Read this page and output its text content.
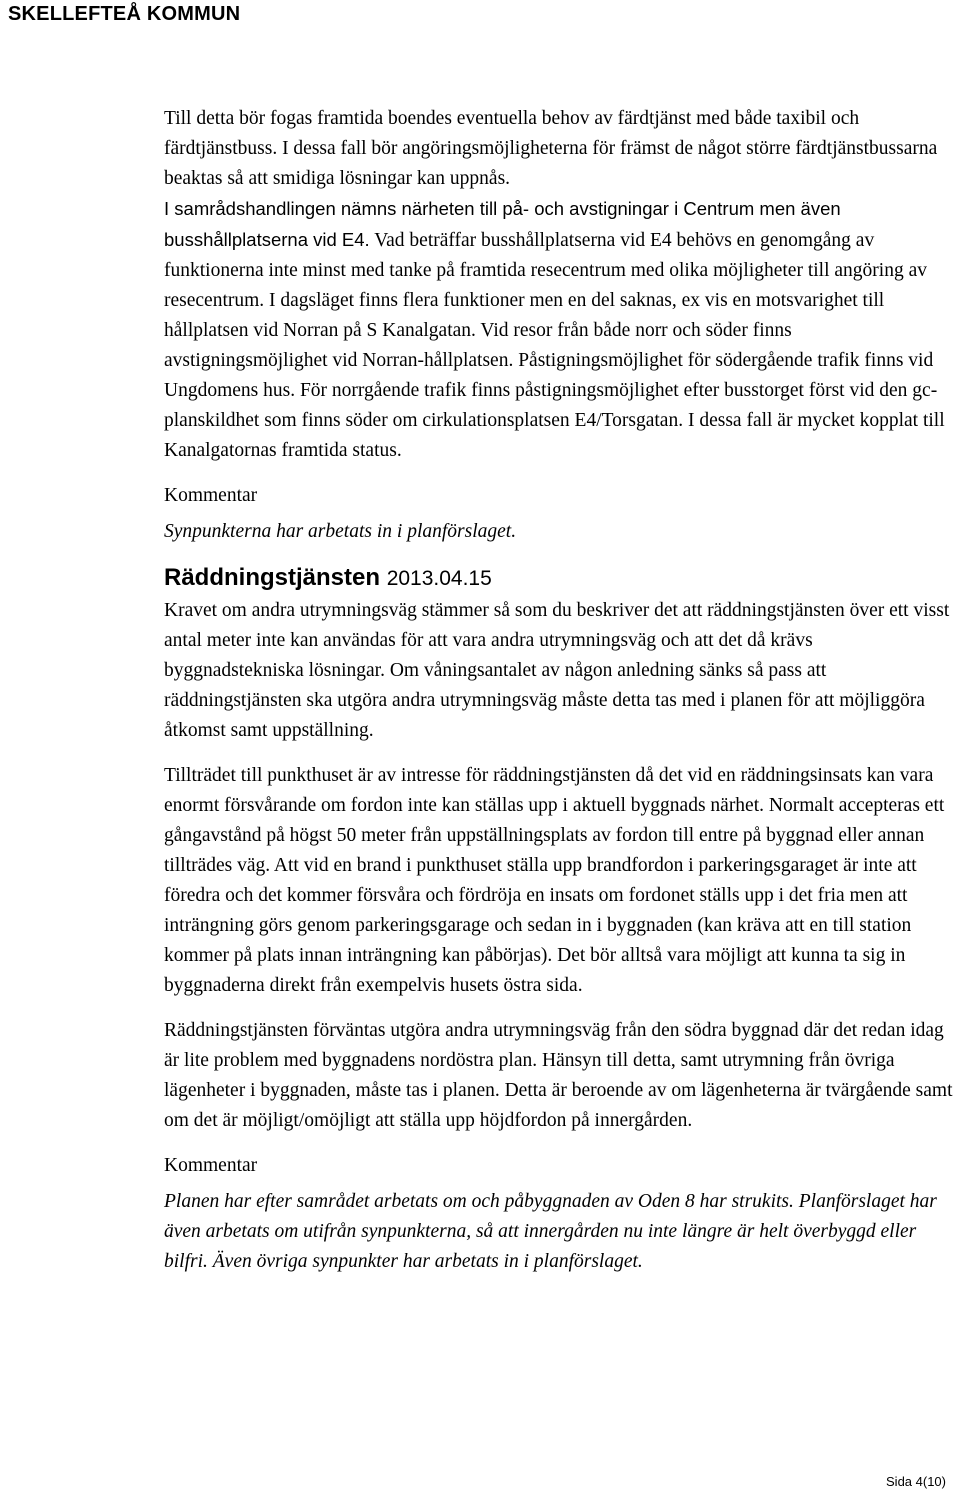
SKELLEFTEÅ KOMMUN

Till detta bör fogas framtida boendes eventuella behov av färdtjänst med både taxibil och färdtjänstbuss. I dessa fall bör angöringsmöjligheterna för främst de något större färdtjänstbussarna beaktas så att smidiga lösningar kan uppnås.

I samrådshandlingen nämns närheten till på- och avstigningar i Centrum men även busshållplatserna vid E4. Vad beträffar busshållplatserna vid E4 behövs en genomgång av funktionerna inte minst med tanke på framtida resecentrum med olika möjligheter till angöring av resecentrum. I dagsläget finns flera funktioner men en del saknas, ex vis en motsvarighet till hållplatsen vid Norran på S Kanalgatan. Vid resor från både norr och söder finns avstigningsmöjlighet vid Norran-hållplatsen. Påstigningsmöjlighet för södergående trafik finns vid Ungdomens hus. För norrgående trafik finns påstigningsmöjlighet efter busstorget först vid den gc-planskildhet som finns söder om cirkulationsplatsen E4/Torsgatan. I dessa fall är mycket kopplat till Kanalgatornas framtida status.

Kommentar

Synpunkterna har arbetats in i planförslaget.

Räddningstjänsten 2013.04.15

Kravet om andra utrymningsväg stämmer så som du beskriver det att räddningstjänsten över ett visst antal meter inte kan användas för att vara andra utrymningsväg och att det då krävs byggnadstekniska lösningar. Om våningsantalet av någon anledning sänks så pass att räddningstjänsten ska utgöra andra utrymningsväg måste detta tas med i planen för att möjliggöra åtkomst samt uppställning.

Tillträdet till punkthuset är av intresse för räddningstjänsten då det vid en räddningsinsats kan vara enormt försvårande om fordon inte kan ställas upp i aktuell byggnads närhet. Normalt accepteras ett gångavstånd på högst 50 meter från uppställningsplats av fordon till entre på byggnad eller annan tillträdes väg. Att vid en brand i punkthuset ställa upp brandfordon i parkeringsgaraget är inte att föredra och det kommer försvåra och fördröja en insats om fordonet ställs upp i det fria men att inträngning görs genom parkeringsgarage och sedan in i byggnaden (kan kräva att en till station kommer på plats innan inträngning kan påbörjas). Det bör alltså vara möjligt att kunna ta sig in byggnaderna direkt från exempelvis husets östra sida.

Räddningstjänsten förväntas utgöra andra utrymningsväg från den södra byggnad där det redan idag är lite problem med byggnadens nordöstra plan. Hänsyn till detta, samt utrymning från övriga lägenheter i byggnaden, måste tas i planen. Detta är beroende av om lägenheterna är tvärgående samt om det är möjligt/omöjligt att ställa upp höjdfordon på innergården.

Kommentar

Planen har efter samrådet arbetats om och påbyggnaden av Oden 8 har strukits. Planförslaget har även arbetats om utifrån synpunkterna, så att innergården nu inte längre är helt överbyggd eller bilfri. Även övriga synpunkter har arbetats in i planförslaget.

Sida 4(10)
